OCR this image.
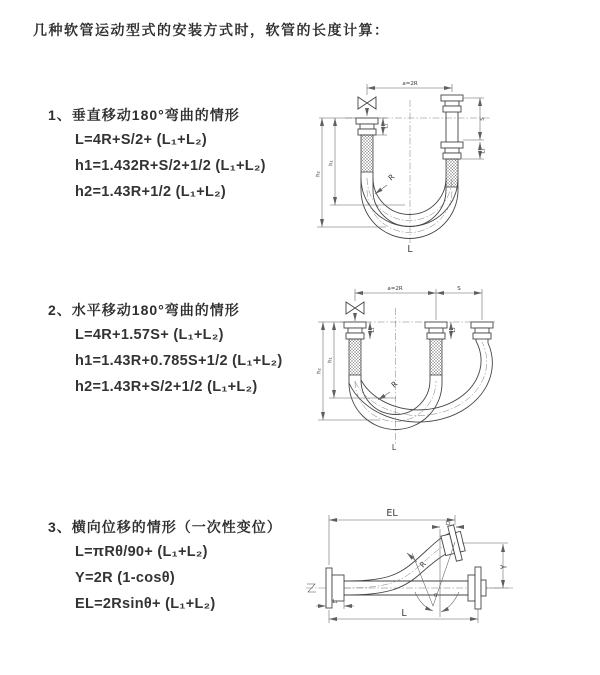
几种软管运动型式的安装方式时，软管的长度计算：
1、垂直移动180°弯曲的情形
L=4R+S/2+ (L₁+L₂)
h1=1.432R+S/2+1/2 (L₁+L₂)
h2=1.43R+1/2 (L₁+L₂)
a=2R
S
L₂
L₁
h₁
h₂	R
L
2、水平移动180°弯曲的情形
L=4R+1.57S+ (L₁+L₂)
h1=1.43R+0.785S+1/2 (L₁+L₂)
h2=1.43R+S/2+1/2 (L₁+L₂)
a=2R	S
L₁	L₂
h₁
h₂
R
L
3、横向位移的情形（一次性变位）
L=πRθ/90+ (L₁+L₂)
Y=2R (1-cosθ)
EL=2Rsinθ+ (L₁+L₂)
EL
L₂
θ
R	Y
L₁
L
